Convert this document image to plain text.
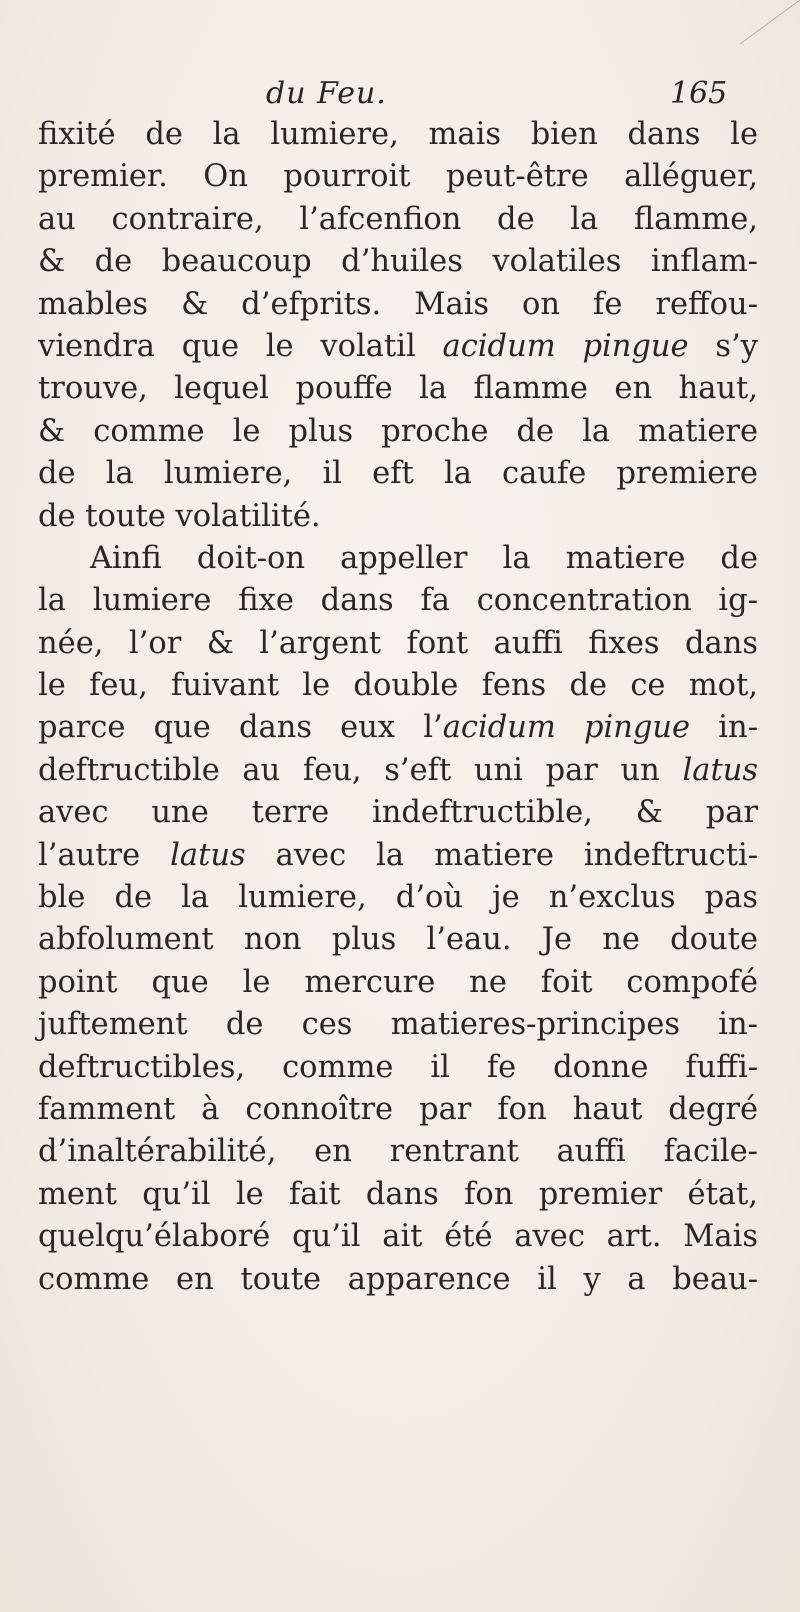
du Feu.	165
fixité de la lumiere, mais bien dans le
premier. On pourroit peut-être alléguer,
au contraire, l’afcenfion de la flamme,
& de beaucoup d’huiles volatiles inflam-
mables & d’efprits. Mais on fe reffou-
viendra que le volatil acidum pingue s’y
trouve, lequel pouffe la flamme en haut,
& comme le plus proche de la matiere
de la lumiere, il eft la caufe premiere
de toute volatilité.
Ainfi doit-on appeller la matiere de
la lumiere fixe dans fa concentration ig-
née, l’or & l’argent font auffi fixes dans
le feu, fuivant le double fens de ce mot,
parce que dans eux l’acidum pingue in-
deftructible au feu, s’eft uni par un latus
avec une terre indeftructible, & par
l’autre latus avec la matiere indeftructi-
ble de la lumiere, d’où je n’exclus pas
abfolument non plus l’eau. Je ne doute
point que le mercure ne foit compofé
juftement de ces matieres-principes in-
deftructibles, comme il fe donne fuffi-
famment à connoître par fon haut degré
d’inaltérabilité, en rentrant auffi facile-
ment qu’il le fait dans fon premier état,
quelqu’élaboré qu’il ait été avec art. Mais
comme en toute apparence il y a beau-
